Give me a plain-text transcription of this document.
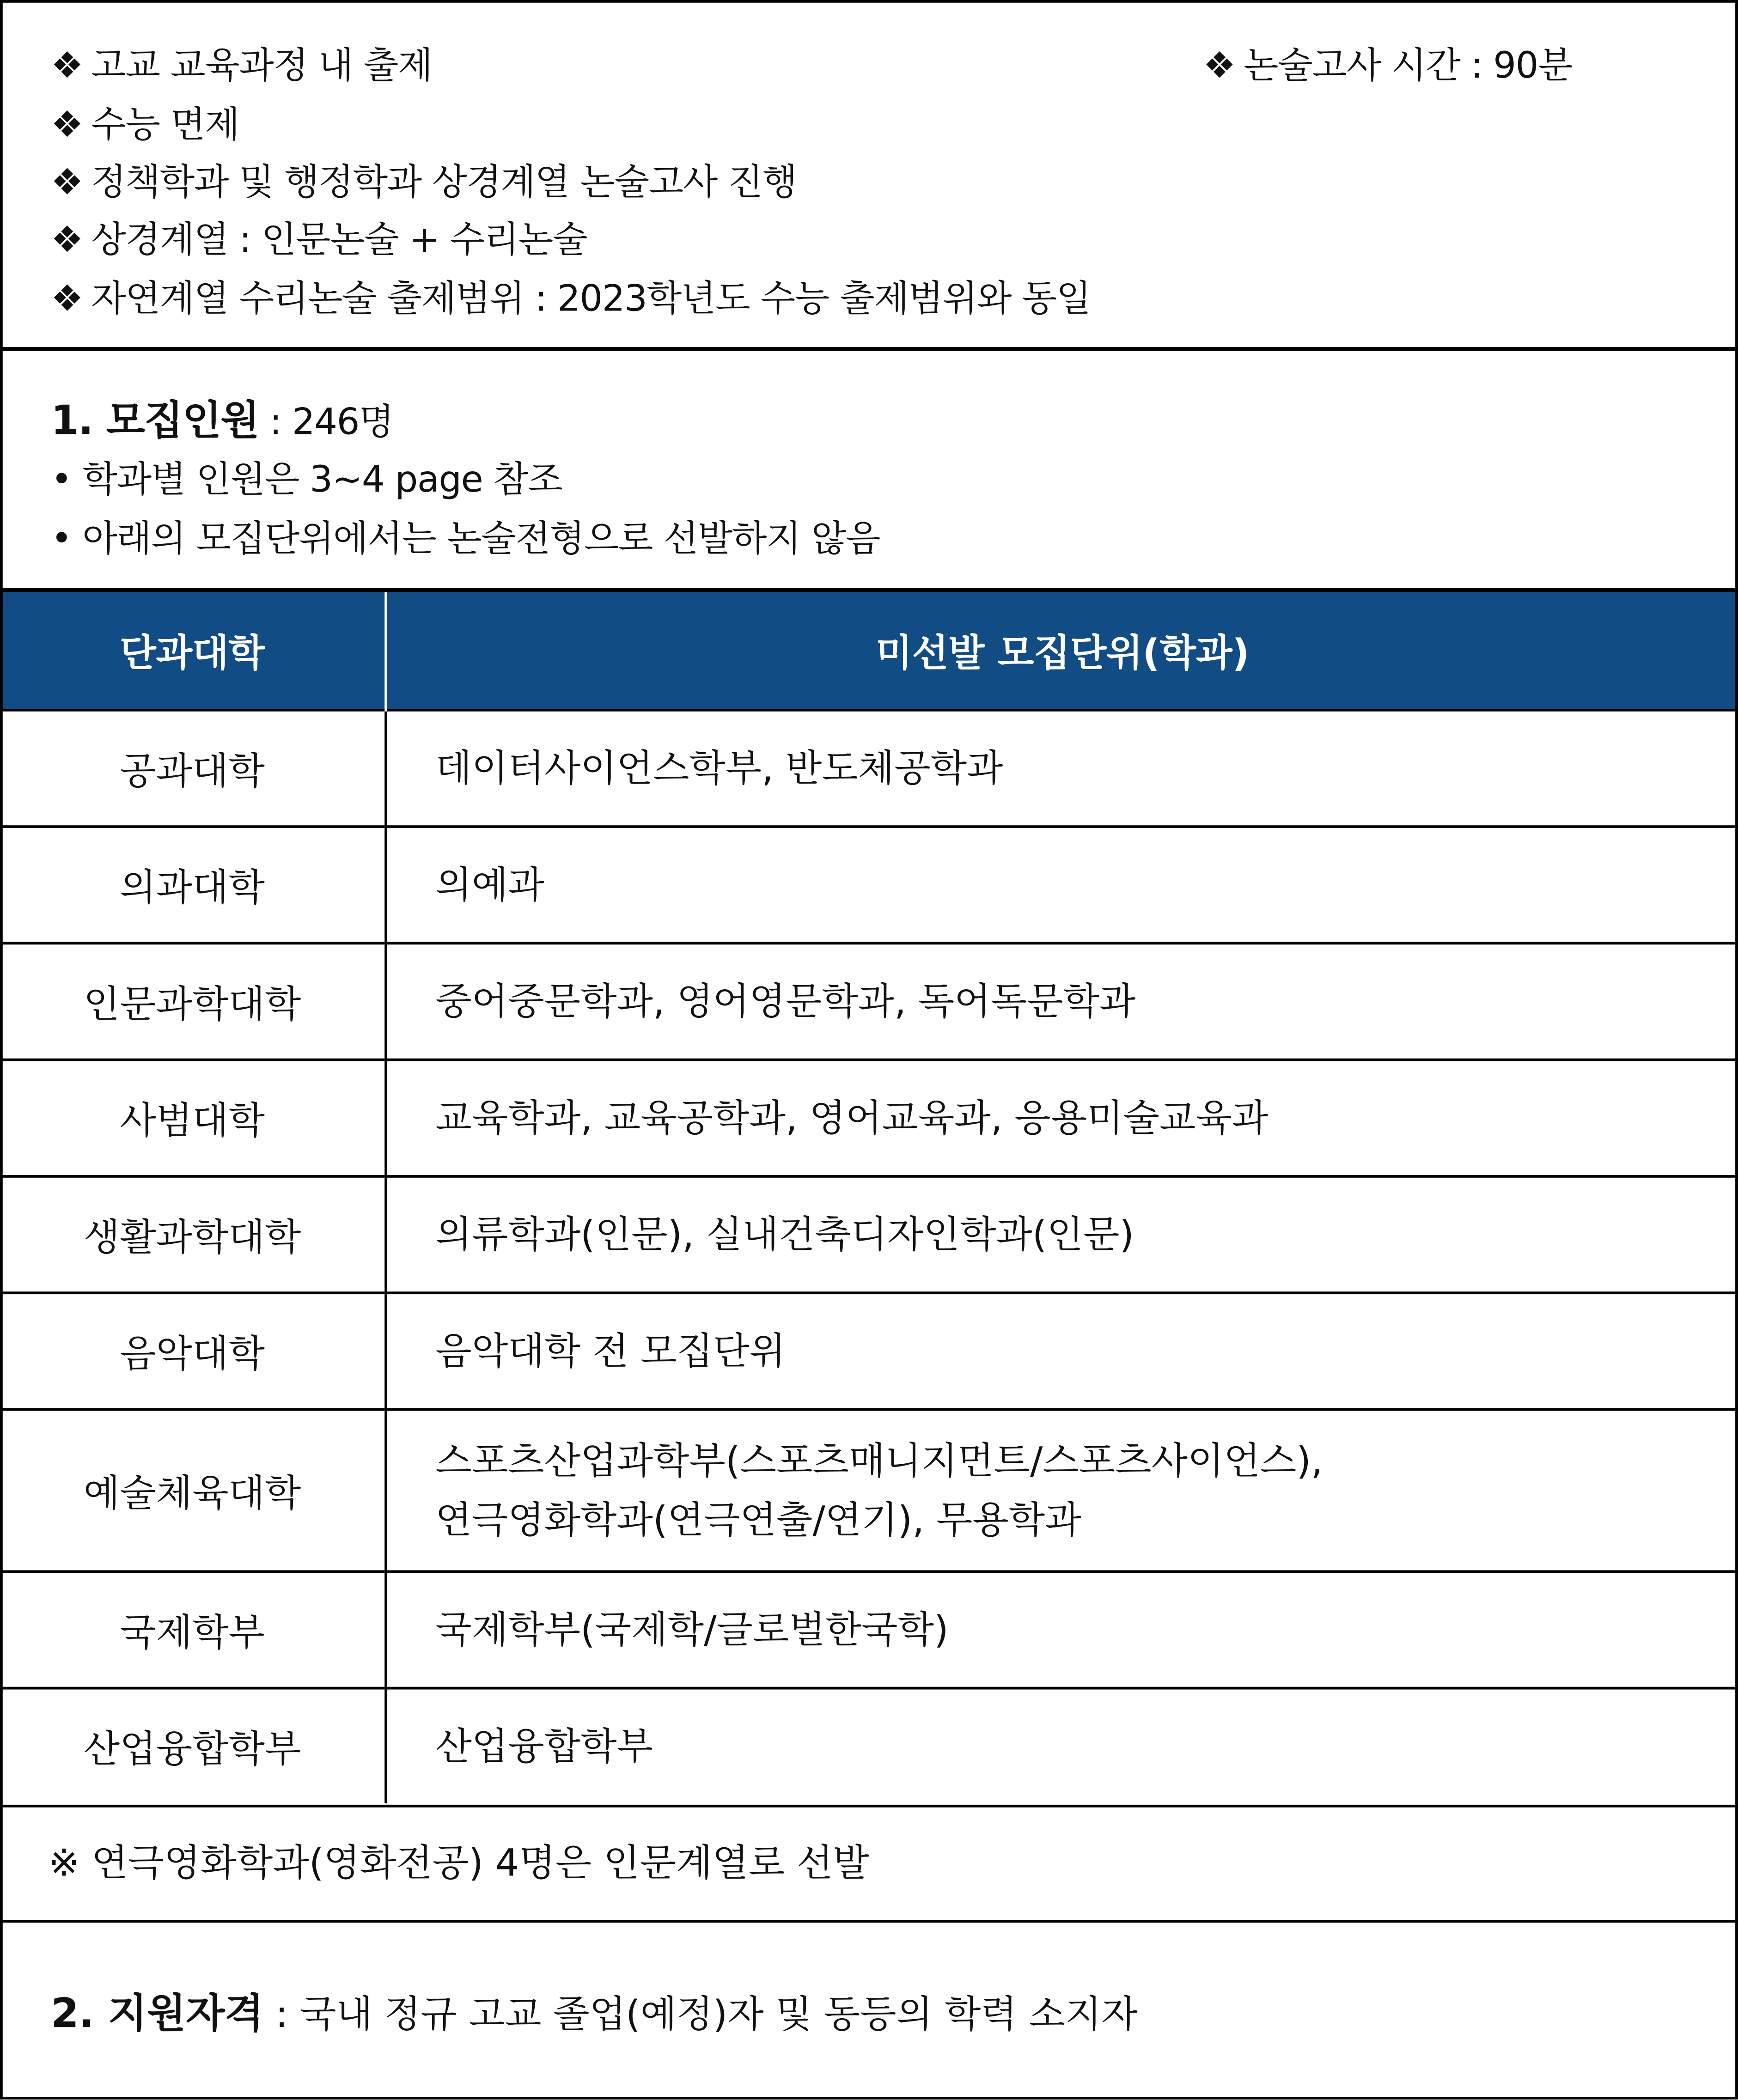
❖ 고교 교육과정 내 출제
❖ 수능 면제
❖ 정책학과 및 행정학과 상경계열 논술고사 진행
❖ 상경계열 : 인문논술 + 수리논술
❖ 자연계열 수리논술 출제범위 : 2023학년도 수능 출제범위와 동일
❖ 논술고사 시간 : 90분
1. 모집인원 : 246명
• 학과별 인원은 3~4 page 참조
• 아래의 모집단위에서는 논술전형으로 선발하지 않음
단과대학	미선발 모집단위(학과)
공과대학	데이터사이언스학부, 반도체공학과
의과대학	의예과
인문과학대학	중어중문학과, 영어영문학과, 독어독문학과
사범대학	교육학과, 교육공학과, 영어교육과, 응용미술교육과
생활과학대학	의류학과(인문), 실내건축디자인학과(인문)
음악대학	음악대학 전 모집단위
예술체육대학	스포츠산업과학부(스포츠매니지먼트/스포츠사이언스),
연극영화학과(연극연출/연기), 무용학과

국제학부	국제학부(국제학/글로벌한국학)
산업융합학부	산업융합학부
※ 연극영화학과(영화전공) 4명은 인문계열로 선발
2. 지원자격 : 국내 정규 고교 졸업(예정)자 및 동등의 학력 소지자
